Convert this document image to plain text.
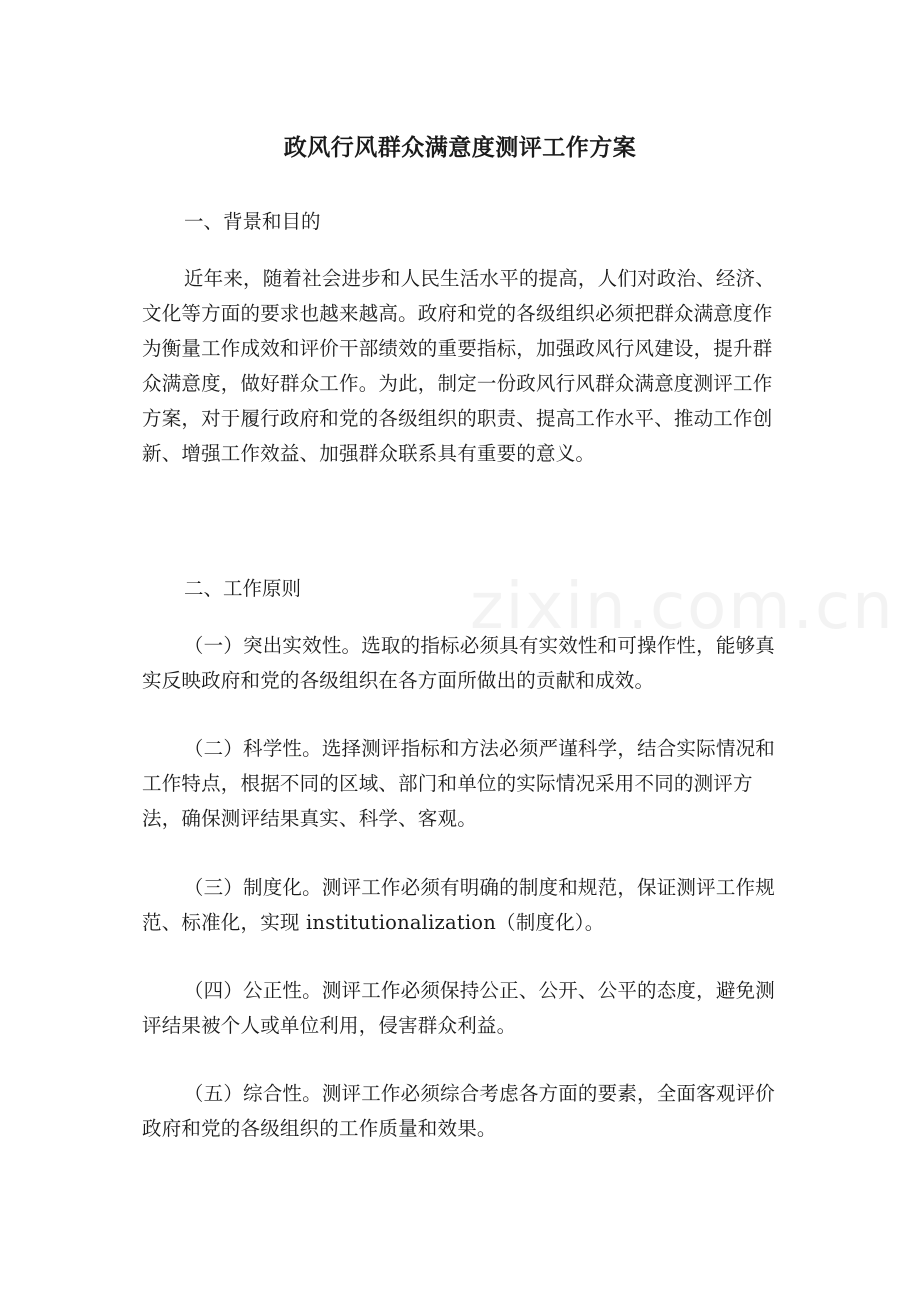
zixin.com.cn
政风行风群众满意度测评工作方案
一、背景和目的
近年来，随着社会进步和人民生活水平的提高，人们对政治、经济、文化等方面的要求也越来越高。政府和党的各级组织必须把群众满意度作为衡量工作成效和评价干部绩效的重要指标，加强政风行风建设，提升群众满意度，做好群众工作。为此，制定一份政风行风群众满意度测评工作方案，对于履行政府和党的各级组织的职责、提高工作水平、推动工作创新、增强工作效益、加强群众联系具有重要的意义。
二、工作原则
（一）突出实效性。选取的指标必须具有实效性和可操作性，能够真实反映政府和党的各级组织在各方面所做出的贡献和成效。
（二）科学性。选择测评指标和方法必须严谨科学，结合实际情况和工作特点，根据不同的区域、部门和单位的实际情况采用不同的测评方法，确保测评结果真实、科学、客观。
（三）制度化。测评工作必须有明确的制度和规范，保证测评工作规范、标准化，实现 institutionalization（制度化）。
（四）公正性。测评工作必须保持公正、公开、公平的态度，避免测评结果被个人或单位利用，侵害群众利益。
（五）综合性。测评工作必须综合考虑各方面的要素，全面客观评价政府和党的各级组织的工作质量和效果。
